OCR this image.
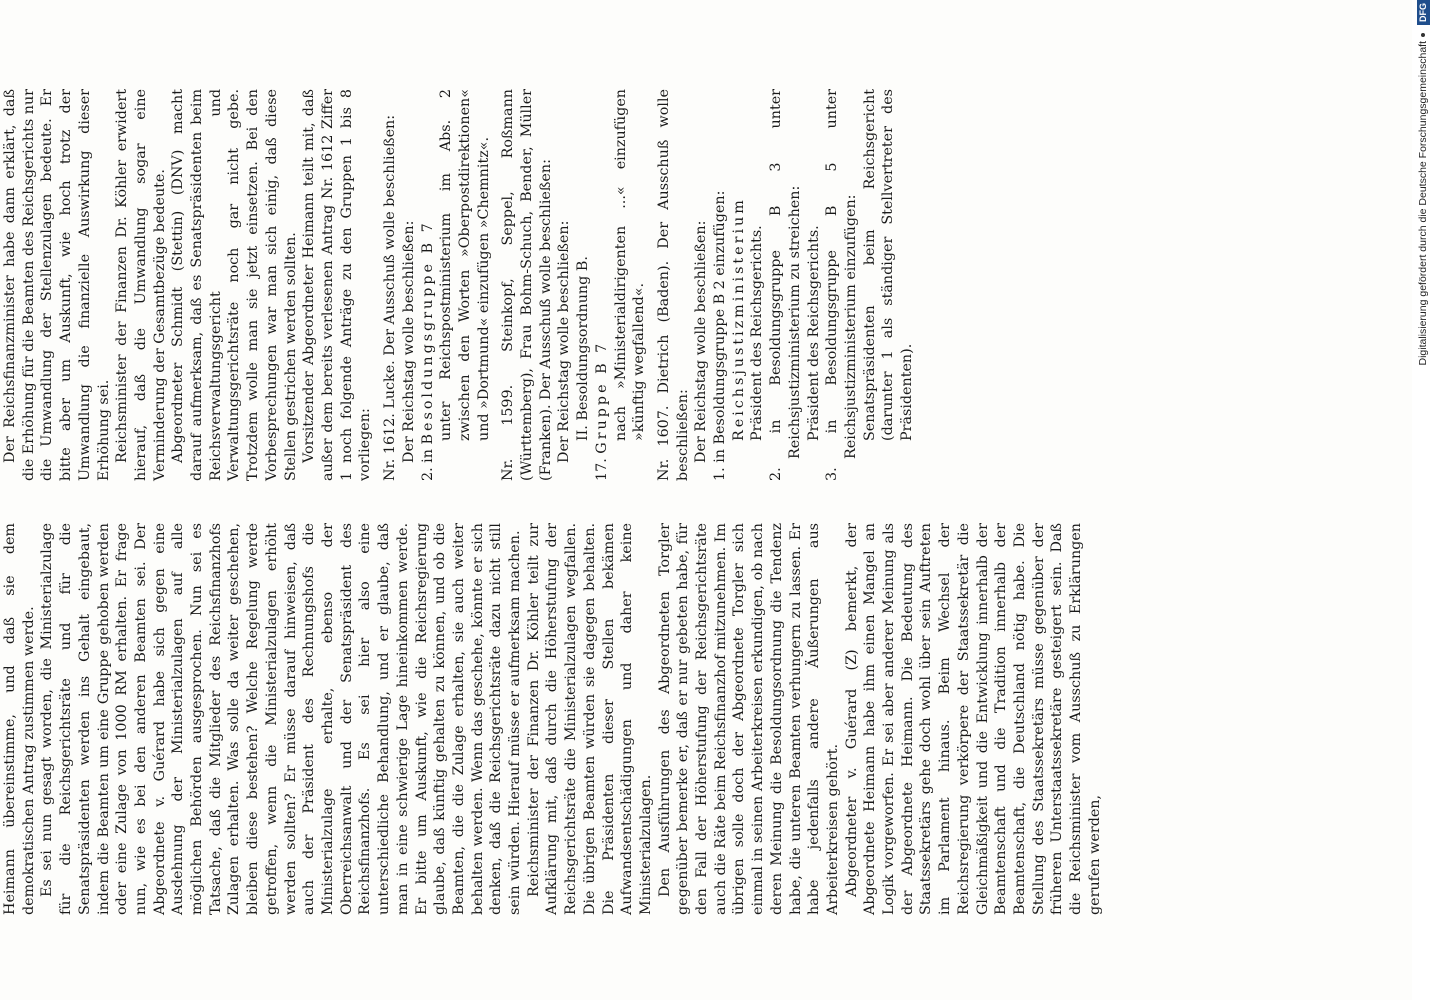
Heimann übereinstimme, und daß sie dem demokratischen Antrag zustimmen werde. Es sei nun gesagt worden, die Ministerialzulage für die Reichsgerichtsräte und für die Senatspräsidenten werden ins Gehalt eingebaut, indem die Beamten um eine Gruppe gehoben werden oder eine Zulage von 1000 RM erhalten. Er frage nun, wie es bei den anderen Beamten sei. Der Abgeordnete v. Guérard habe sich gegen eine Ausdehnung der Ministerialzulagen auf alle möglichen Behörden ausgesprochen. Nun sei es Tatsache, daß die Mitglieder des Reichsfinanzhofs Zulagen erhalten. Was solle da weiter geschehen, bleiben diese bestehen? Welche Regelung werde getroffen, wenn die Ministerialzulagen erhöht werden sollten? Er müsse darauf hinweisen, daß auch der Präsident des Rechnungshofs die Ministerialzulage erhalte, ebenso der Oberreichsanwalt und der Senatspräsident des Reichsfinanzhofs. Es sei hier also eine unterschiedliche Behandlung, und er glaube, daß man in eine schwierige Lage hineinkommen werde. Er bitte um Auskunft, wie die Reichsregierung glaube, daß künftig gehalten zu können, und ob die Beamten, die die Zulage erhalten, sie auch weiter behalten werden. Wenn das geschehe, könnte er sich denken, daß die Reichsgerichtsräte dazu nicht still sein würden. Hierauf müsse er aufmerksam machen. Reichsminister der Finanzen Dr. Köhler teilt zur Aufklärung mit, daß durch die Höherstufung der Reichsgerichtsräte die Ministerialzulagen wegfallen. Die übrigen Beamten würden sie dagegen behalten. Die Präsidenten dieser Stellen bekämen Aufwandsentschädigungen und daher keine Ministerialzulagen. Den Ausführungen des Abgeordneten Torgler gegenüber bemerke er, daß er nur gebeten habe, für den Fall der Höherstufung der Reichsgerichtsräte auch die Räte beim Reichsfinanzhof mitzunehmen. Im übrigen solle doch der Abgeordnete Torgler sich einmal in seinen Arbeiterkreisen erkundigen, ob nach deren Meinung die Besoldungsordnung die Tendenz habe, die unteren Beamten verhungern zu lassen. Er habe jedenfalls andere Äußerungen aus Arbeiterkreisen gehört. Abgeordneter v. Guérard (Z) bemerkt, der Abgeordnete Heimann habe ihm einen Mangel an Logik vorgeworfen. Er sei aber anderer Meinung als der Abgeordnete Heimann. Die Bedeutung des Staatssekretärs gehe doch wohl über sein Auftreten im Parlament hinaus. Beim Wechsel der Reichsregierung verkörpere der Staatssekretär die Gleichmäßigkeit und die Entwicklung innerhalb der Beamtenschaft und die Tradition innerhalb der Beamtenschaft, die Deutschland nötig habe. Die Stellung des Staatssekretärs müsse gegenüber der früheren Unterstaatssekretäre gesteigert sein. Daß die Reichsminister vom Ausschuß zu Erklärungen gerufen werden,

Der Reichsfinanzminister habe dann erklärt, daß die Erhöhung für die Beamten des Reichsgerichts nur die Umwandlung der Stellenzulagen bedeute. Er bitte aber um Auskunft, wie hoch trotz der Umwandlung die finanzielle Auswirkung dieser Erhöhung sei. Reichsminister der Finanzen Dr. Köhler erwidert hierauf, daß die Umwandlung sogar eine Verminderung der Gesamtbezüge bedeute. Abgeordneter Schmidt (Stettin) (DNV) macht darauf aufmerksam, daß es Senatspräsidenten beim Reichsverwaltungsgericht und Verwaltungsgerichtsräte noch gar nicht gebe. Trotzdem wolle man sie jetzt einsetzen. Bei den Vorbesprechungen war man sich einig, daß diese Stellen gestrichen werden sollten. Vorsitzender Abgeordneter Heimann teilt mit, daß außer dem bereits verlesenen Antrag Nr. 1612 Ziffer 1 noch folgende Anträge zu den Gruppen 1 bis 8 vorliegen: Nr. 1612. Lucke. Der Ausschuß wolle beschließen: Der Reichstag wolle beschließen:

2. in Besoldungsgruppe B 7 unter Reichspostministerium im Abs. 2 zwischen den Worten »Oberpostdirektionen« und »Dortmund« einzufügen »Chemnitz«. Nr. 1599. Steinkopf, Seppel, Roßmann (Württemberg), Frau Bohm-Schuch, Bender, Müller (Franken). Der Ausschuß wolle beschließen: Der Reichstag wolle beschließen: II. Besoldungsordnung B.

17. Gruppe B 7 nach »Ministerialdirigenten ...« einzufügen »künftig wegfallend«. Nr. 1607. Dietrich (Baden). Der Ausschuß wolle beschließen: Der Reichstag wolle beschließen:

1. in Besoldungsgruppe B 2 einzufügen: Reichsjustizministerium Präsident des Reichsgerichts.

2. in Besoldungsgruppe B 3 unter Reichsjustizministerium zu streichen: Präsident des Reichsgerichts.

3. in Besoldungsgruppe B 5 unter Reichsjustizministerium einzufügen: Senatspräsidenten beim Reichsgericht (darunter 1 als ständiger Stellvertreter des Präsidenten).

Digitalisierung gefördert durch die Deutsche ForschungsgemeinschaftDFG
